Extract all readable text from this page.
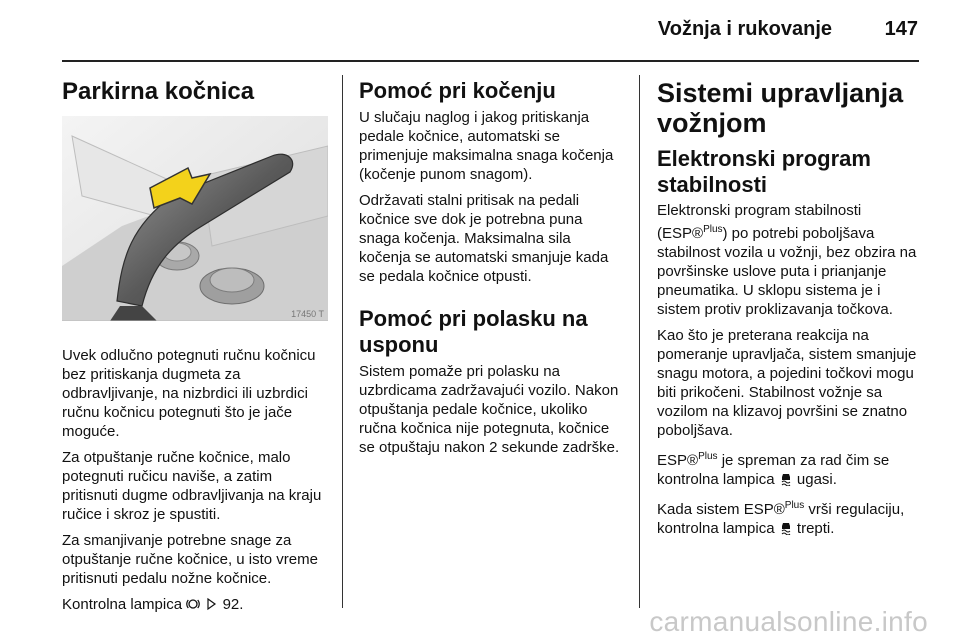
Vožnja i rukovanje	147
Parkirna kočnica
17450 T

Uvek odlučno potegnuti ručnu kočnicu bez pritiskanja dugmeta za odbravljivanje, na nizbrdici ili uzbrdici ručnu kočnicu potegnuti što je jače moguće.

Za otpuštanje ručne kočnice, malo potegnuti ručicu naviše, a zatim pritisnuti dugme odbravljivanja na kraju ručice i skroz je spustiti.

Za smanjivanje potrebne snage za otpuštanje ručne kočnice, u isto vreme pritisnuti pedalu nožne kočnice.

Kontrolna lampica	92.

Pomoć pri kočenju

U slučaju naglog i jakog pritiskanja pedale kočnice, automatski se primenjuje maksimalna snaga kočenja (kočenje punom snagom).

Održavati stalni pritisak na pedali kočnice sve dok je potrebna puna snaga kočenja. Maksimalna sila kočenja se automatski smanjuje kada se pedala kočnice otpusti.

Pomoć pri polasku na usponu

Sistem pomaže pri polasku na uzbrdicama zadržavajući vozilo. Nakon otpuštanja pedale kočnice, ukoliko ručna kočnica nije potegnuta, kočnice se otpuštaju nakon 2 sekunde zadrške.

Sistemi upravljanja vožnjom
Elektronski program stabilnosti

Elektronski program stabilnosti (ESP®$^{Plus}$) po potrebi poboljšava stabilnost vozila u vožnji, bez obzira na površinske uslove puta i prianjanje pneumatika. U sklopu sistema je i sistem protiv proklizavanja točkova.

Kao što je preterana reakcija na pomeranje upravljača, sistem smanjuje snagu motora, a pojedini točkovi mogu biti prikočeni. Stabilnost vožnje sa vozilom na klizavoj površini se znatno poboljšava.

ESP®$^{Plus}$ je spreman za rad čim se kontrolna lampica  ugasi.

Kada sistem ESP®$^{Plus}$ vrši regulaciju, kontrolna lampica  trepti.

carmanualsonline.info
